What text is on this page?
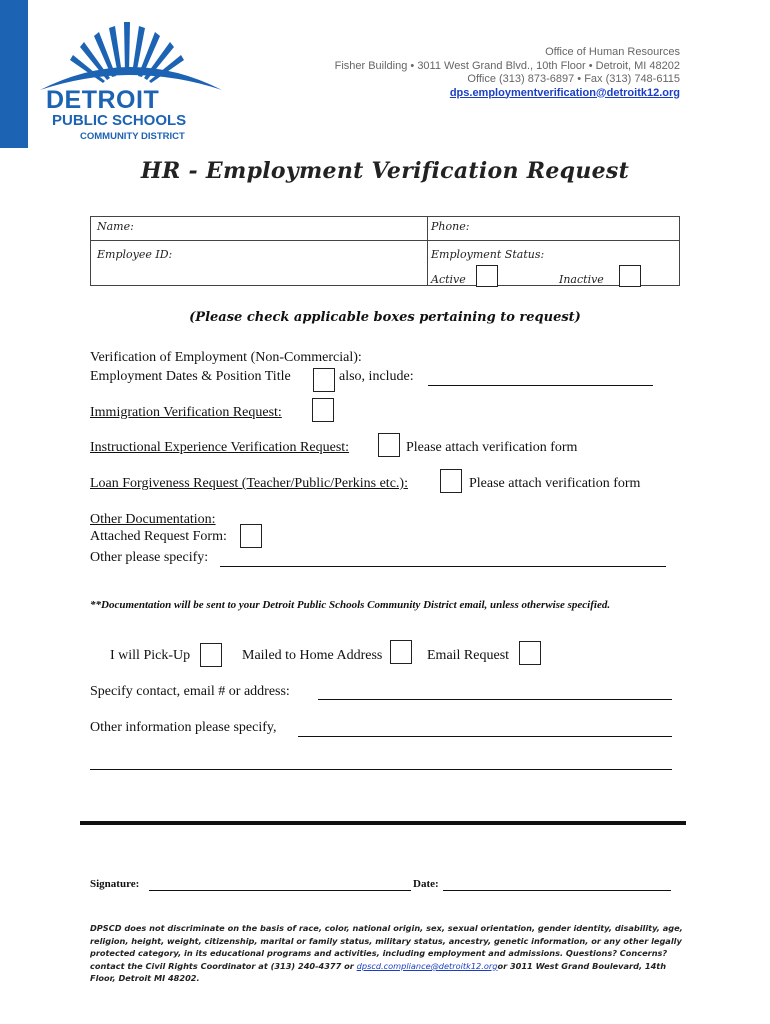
DETROIT
PUBLIC SCHOOLS
COMMUNITY DISTRICT
Office of Human Resources
Fisher Building • 3011 West Grand Blvd., 10th Floor • Detroit, MI 48202
Office (313) 873-6897 • Fax (313) 748-6115
dps.employmentverification@detroitk12.org
HR - Employment Verification Request
Name:	Phone:
Employee ID:	Employment Status:
Active	Inactive
(Please check applicable boxes pertaining to request)
Verification of Employment (Non-Commercial):
Employment Dates & Position Title	also, include:
Immigration Verification Request:
Instructional Experience Verification Request:	Please attach verification form
Loan Forgiveness Request (Teacher/Public/Perkins etc.):	Please attach verification form
Other Documentation:
Attached Request Form:
Other please specify:
**Documentation will be sent to your Detroit Public Schools Community District email, unless otherwise specified.
I will Pick-Up	Mailed to Home Address	Email Request
Specify contact, email # or address:
Other information please specify,
Signature:	Date:
DPSCD does not discriminate on the basis of race, color, national origin, sex, sexual orientation, gender identity, disability, age, religion, height, weight, citizenship, marital or family status, military status, ancestry, genetic information, or any other legally protected category, in its educational programs and activities, including employment and admissions. Questions? Concerns? contact the Civil Rights Coordinator at (313) 240-4377 or dpscd.compliance@detroitk12.orgor 3011 West Grand Boulevard, 14th Floor, Detroit MI 48202.
